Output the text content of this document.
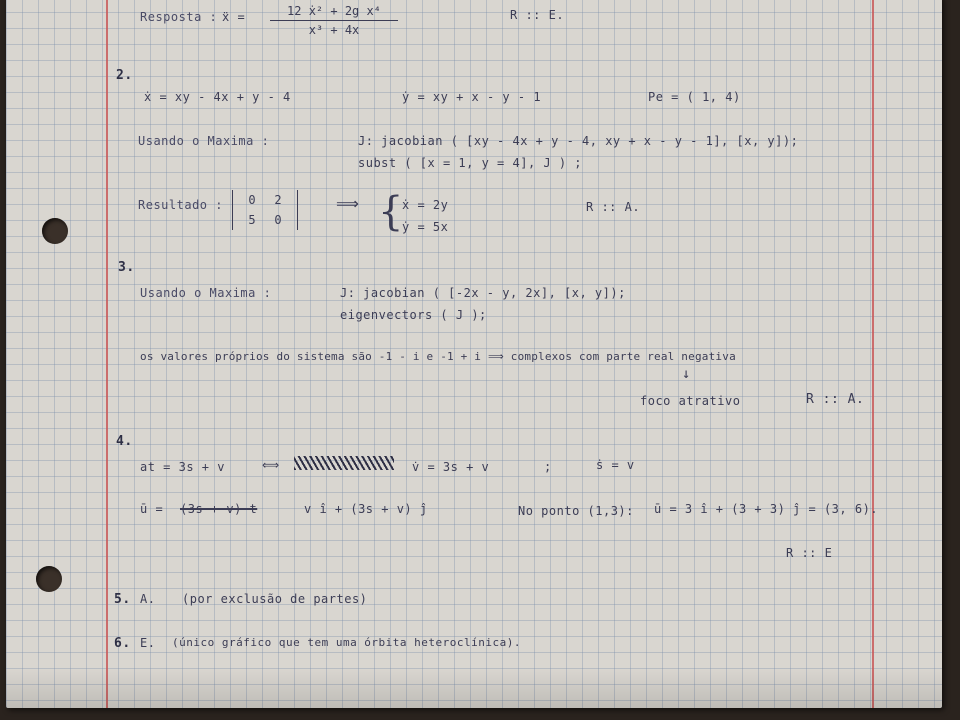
Resposta : ẍ =	12 ẋ² + 2g x⁴
x³ + 4x
R :: E.
2.
ẋ = xy - 4x + y - 4	ẏ = xy + x - y - 1	Pe = ( 1, 4)
Usando o Maxima :	J: jacobian ( [xy - 4x + y - 4, xy + x - y - 1], [x, y]);
subst ( [x = 1, y = 4], J ) ;
Resultado :	0	2
5	0
⟹ {
ẋ = 2y
ẏ = 5x
R :: A.
3.
Usando o Maxima :	J: jacobian ( [-2x - y, 2x], [x, y]);
eigenvectors ( J );
os valores próprios do sistema são -1 - i e -1 + i ⟹ complexos com parte real negativa
↓
foco atrativo	R :: A.
4.
at = 3s + v	⟺	v̇ = 3s + v	;	ṡ = v
ū = (3s + v) t	v î + (3s + v) ĵ	No ponto (1,3): ū = 3 î + (3 + 3) ĵ = (3, 6).
R :: E
5. A. (por exclusão de partes)
6. E. (único gráfico que tem uma órbita heteroclínica).
